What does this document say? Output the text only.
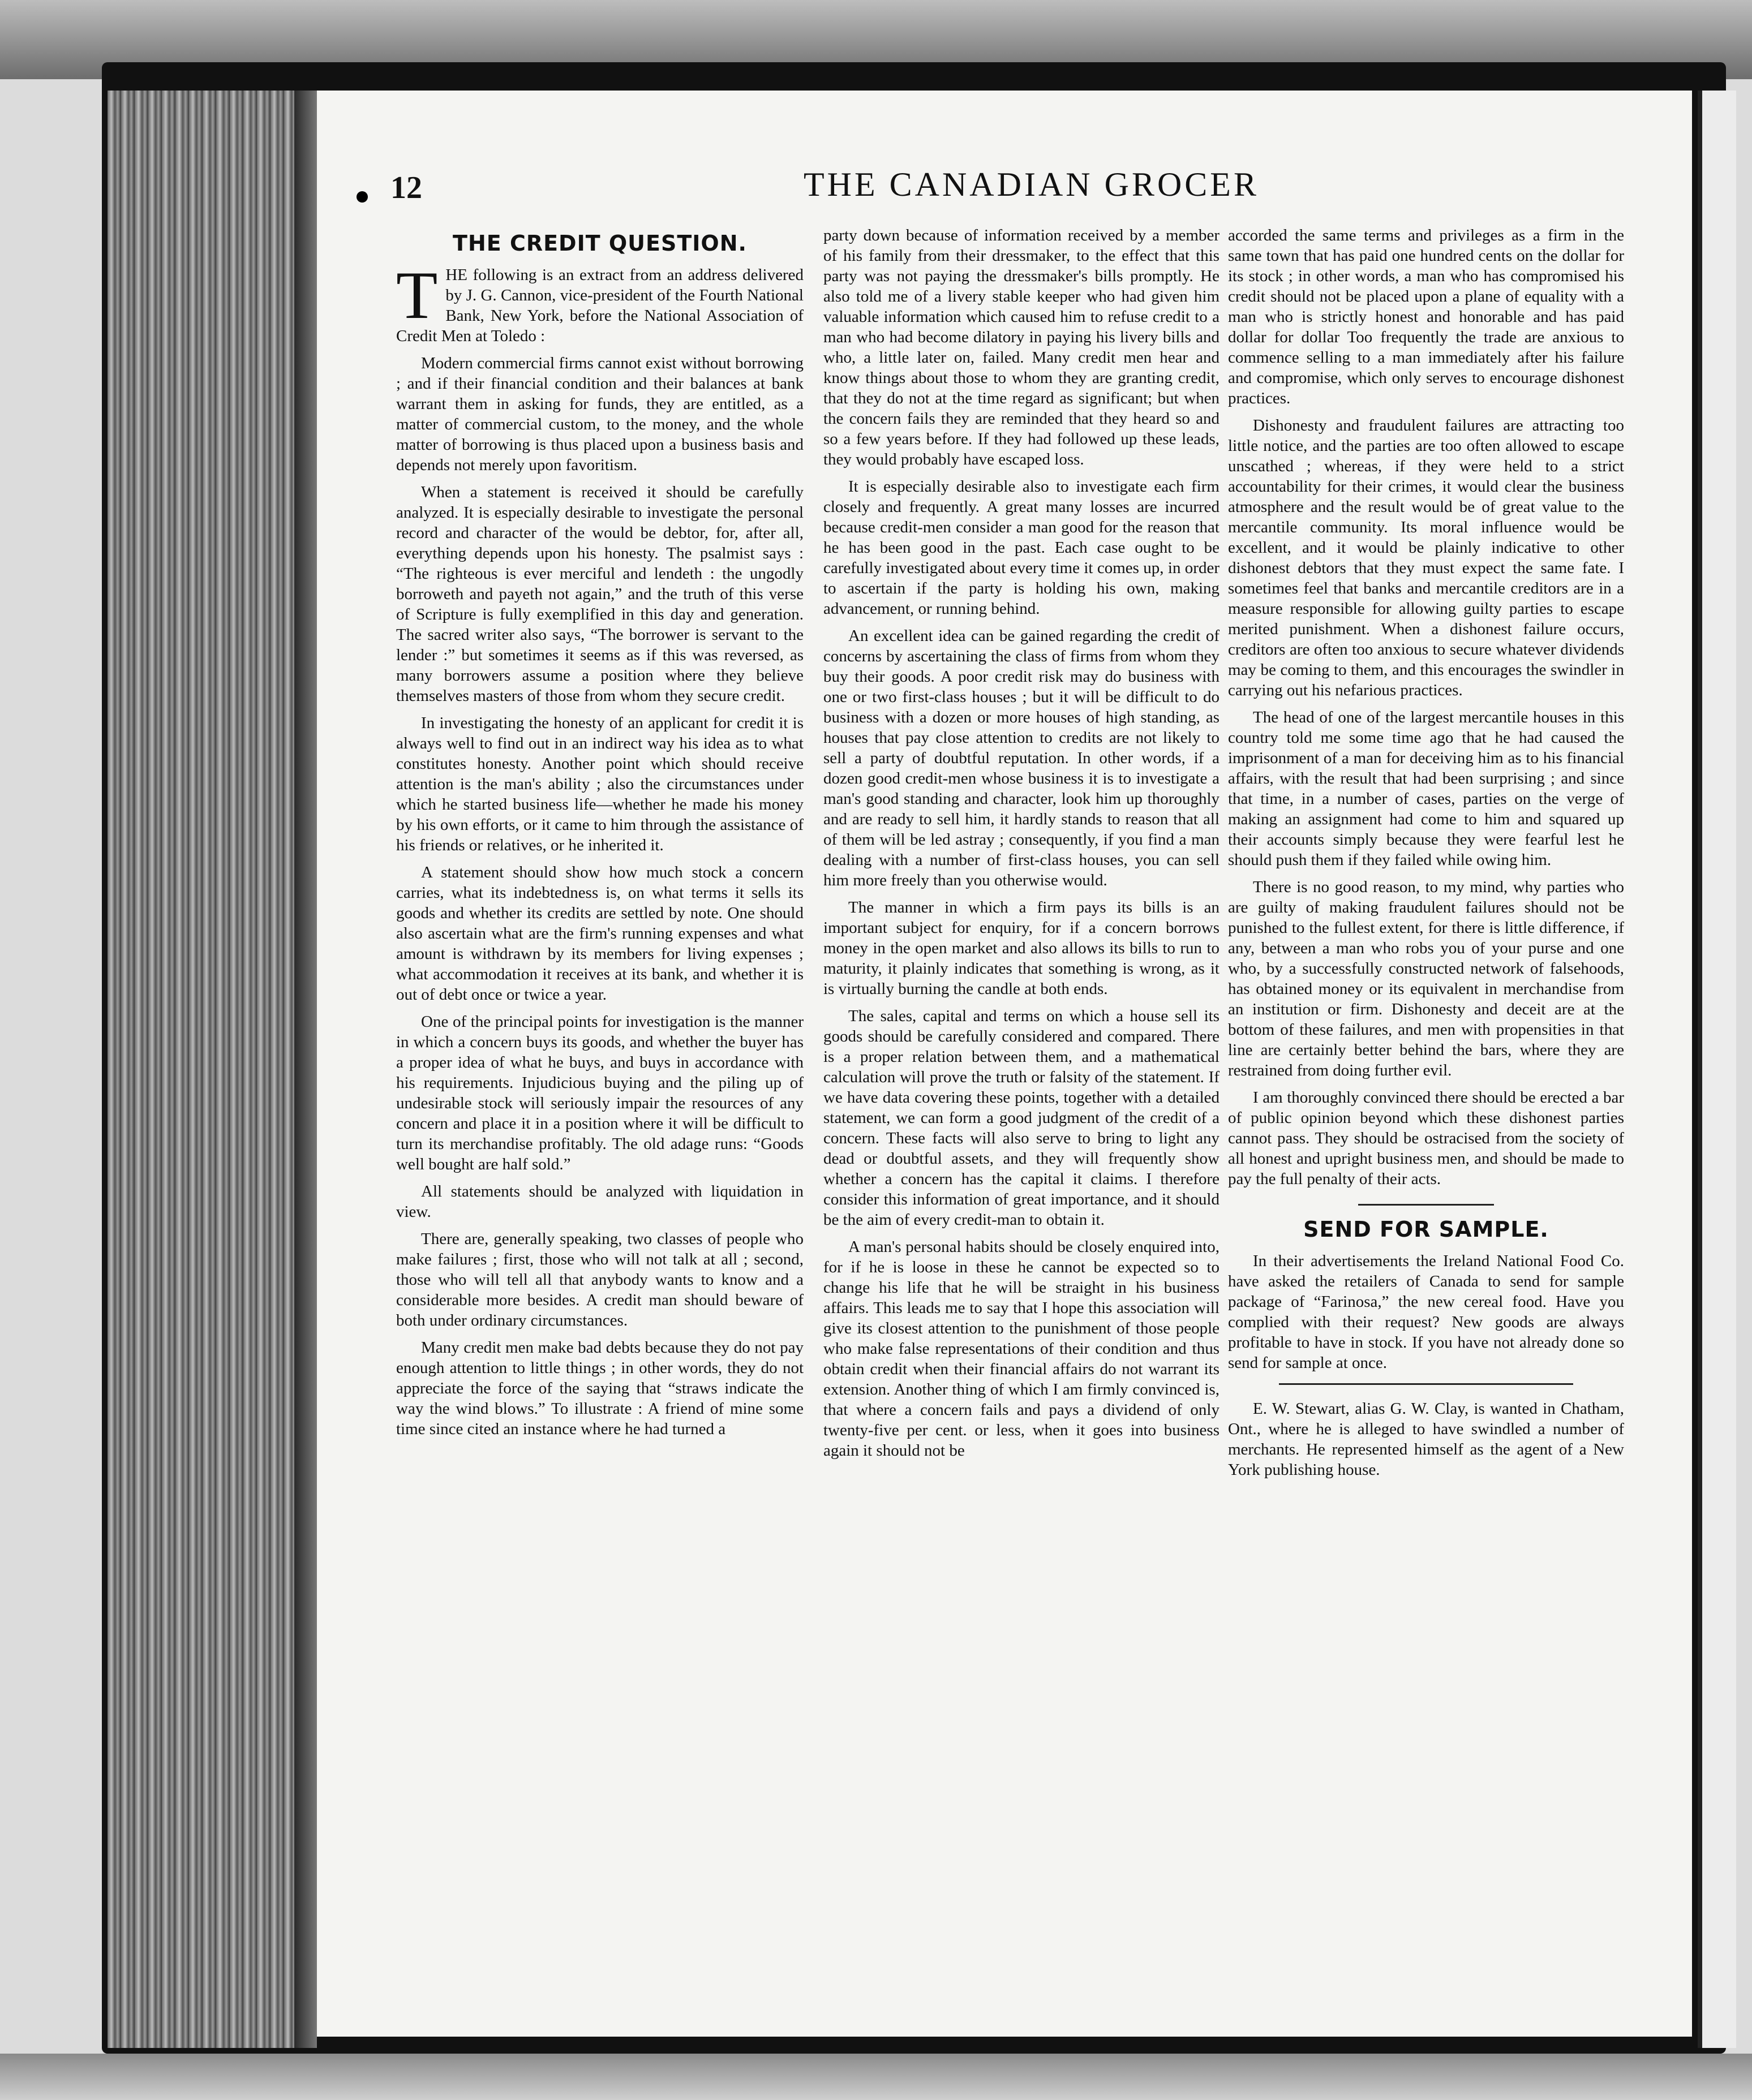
12	THE CANADIAN GROCER
THE CREDIT QUESTION.

THE following is an extract from an address delivered by J. G. Cannon, vice-president of the Fourth National Bank, New York, before the National Association of Credit Men at Toledo :

Modern commercial firms cannot exist without borrowing ; and if their financial condition and their balances at bank warrant them in asking for funds, they are entitled, as a matter of commercial custom, to the money, and the whole matter of borrowing is thus placed upon a business basis and depends not merely upon favoritism.

When a statement is received it should be carefully analyzed. It is especially desirable to investigate the personal record and character of the would be debtor, for, after all, everything depends upon his honesty. The psalmist says : “The righteous is ever merciful and lendeth : the ungodly borroweth and payeth not again,” and the truth of this verse of Scripture is fully exemplified in this day and generation. The sacred writer also says, “The borrower is servant to the lender :” but sometimes it seems as if this was reversed, as many borrowers assume a position where they believe themselves masters of those from whom they secure credit.

In investigating the honesty of an applicant for credit it is always well to find out in an indirect way his idea as to what constitutes honesty. Another point which should receive attention is the man's ability ; also the circumstances under which he started business life—whether he made his money by his own efforts, or it came to him through the assistance of his friends or relatives, or he inherited it.

A statement should show how much stock a concern carries, what its indebtedness is, on what terms it sells its goods and whether its credits are settled by note. One should also ascertain what are the firm's running expenses and what amount is withdrawn by its members for living expenses ; what accommodation it receives at its bank, and whether it is out of debt once or twice a year.

One of the principal points for investigation is the manner in which a concern buys its goods, and whether the buyer has a proper idea of what he buys, and buys in accordance with his requirements. Injudicious buying and the piling up of undesirable stock will seriously impair the resources of any concern and place it in a position where it will be difficult to turn its merchandise profitably. The old adage runs: “Goods well bought are half sold.”

All statements should be analyzed with liquidation in view.

There are, generally speaking, two classes of people who make failures ; first, those who will not talk at all ; second, those who will tell all that anybody wants to know and a considerable more besides. A credit man should beware of both under ordinary circumstances.

Many credit men make bad debts because they do not pay enough attention to little things ; in other words, they do not appreciate the force of the saying that “straws indicate the way the wind blows.” To illustrate : A friend of mine some time since cited an instance where he had turned a

party down because of information received by a member of his family from their dressmaker, to the effect that this party was not paying the dressmaker's bills promptly. He also told me of a livery stable keeper who had given him valuable information which caused him to refuse credit to a man who had become dilatory in paying his livery bills and who, a little later on, failed. Many credit men hear and know things about those to whom they are granting credit, that they do not at the time regard as significant; but when the concern fails they are reminded that they heard so and so a few years before. If they had followed up these leads, they would probably have escaped loss.

It is especially desirable also to investigate each firm closely and frequently. A great many losses are incurred because credit-men consider a man good for the reason that he has been good in the past. Each case ought to be carefully investigated about every time it comes up, in order to ascertain if the party is holding his own, making advancement, or running behind.

An excellent idea can be gained regarding the credit of concerns by ascertaining the class of firms from whom they buy their goods. A poor credit risk may do business with one or two first-class houses ; but it will be difficult to do business with a dozen or more houses of high standing, as houses that pay close attention to credits are not likely to sell a party of doubtful reputation. In other words, if a dozen good credit-men whose business it is to investigate a man's good standing and character, look him up thoroughly and are ready to sell him, it hardly stands to reason that all of them will be led astray ; consequently, if you find a man dealing with a number of first-class houses, you can sell him more freely than you otherwise would.

The manner in which a firm pays its bills is an important subject for enquiry, for if a concern borrows money in the open market and also allows its bills to run to maturity, it plainly indicates that something is wrong, as it is virtually burning the candle at both ends.

The sales, capital and terms on which a house sell its goods should be carefully considered and compared. There is a proper relation between them, and a mathematical calculation will prove the truth or falsity of the statement. If we have data covering these points, together with a detailed statement, we can form a good judgment of the credit of a concern. These facts will also serve to bring to light any dead or doubtful assets, and they will frequently show whether a concern has the capital it claims. I therefore consider this information of great importance, and it should be the aim of every credit-man to obtain it.

A man's personal habits should be closely enquired into, for if he is loose in these he cannot be expected so to change his life that he will be straight in his business affairs. This leads me to say that I hope this association will give its closest attention to the punishment of those people who make false representations of their condition and thus obtain credit when their financial affairs do not warrant its extension. Another thing of which I am firmly convinced is, that where a concern fails and pays a dividend of only twenty-five per cent. or less, when it goes into business again it should not be

accorded the same terms and privileges as a firm in the same town that has paid one hundred cents on the dollar for its stock ; in other words, a man who has compromised his credit should not be placed upon a plane of equality with a man who is strictly honest and honorable and has paid dollar for dollar Too frequently the trade are anxious to commence selling to a man immediately after his failure and compromise, which only serves to encourage dishonest practices.

Dishonesty and fraudulent failures are attracting too little notice, and the parties are too often allowed to escape unscathed ; whereas, if they were held to a strict accountability for their crimes, it would clear the business atmosphere and the result would be of great value to the mercantile community. Its moral influence would be excellent, and it would be plainly indicative to other dishonest debtors that they must expect the same fate. I sometimes feel that banks and mercantile creditors are in a measure responsible for allowing guilty parties to escape merited punishment. When a dishonest failure occurs, creditors are often too anxious to secure whatever dividends may be coming to them, and this encourages the swindler in carrying out his nefarious practices.

The head of one of the largest mercantile houses in this country told me some time ago that he had caused the imprisonment of a man for deceiving him as to his financial affairs, with the result that had been surprising ; and since that time, in a number of cases, parties on the verge of making an assignment had come to him and squared up their accounts simply because they were fearful lest he should push them if they failed while owing him.

There is no good reason, to my mind, why parties who are guilty of making fraudulent failures should not be punished to the fullest extent, for there is little difference, if any, between a man who robs you of your purse and one who, by a successfully constructed network of falsehoods, has obtained money or its equivalent in merchandise from an institution or firm. Dishonesty and deceit are at the bottom of these failures, and men with propensities in that line are certainly better behind the bars, where they are restrained from doing further evil.

I am thoroughly convinced there should be erected a bar of public opinion beyond which these dishonest parties cannot pass. They should be ostracised from the society of all honest and upright business men, and should be made to pay the full penalty of their acts.

SEND FOR SAMPLE.

In their advertisements the Ireland National Food Co. have asked the retailers of Canada to send for sample package of “Farinosa,” the new cereal food. Have you complied with their request? New goods are always profitable to have in stock. If you have not already done so send for sample at once.

E. W. Stewart, alias G. W. Clay, is wanted in Chatham, Ont., where he is alleged to have swindled a number of merchants. He represented himself as the agent of a New York publishing house.
